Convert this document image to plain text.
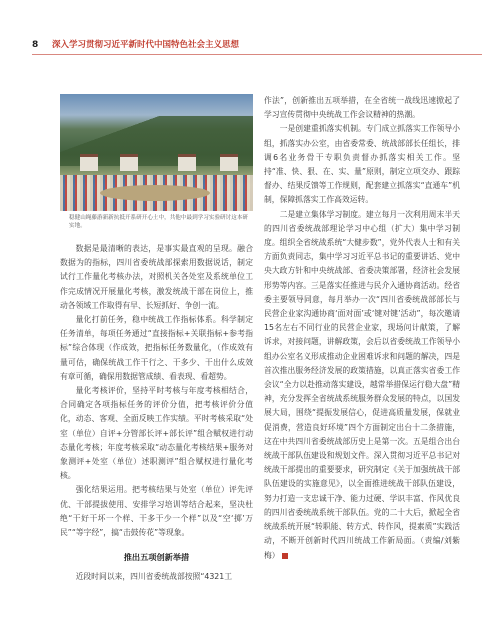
8 深入学习贯彻习近平新时代中国特色社会主义思想
稳健山绳藤游新新抗抵开系研开心土中，共他中最到学习实验研讨这本研实地。

数据是最清晰的表达，是事实最直观的呈现。融合数据为的指标，四川省委统战部探索用数据说话，制定试行工作量化考核办法，对照机关各处室及系统单位工作完成情况开展量化考核，激发统战干部在岗位上，推动各领域工作取得有早、长短抓好、争创一流。

量化打前任务，稳中统战工作指标体系。科学制定任务清单，每项任务通过“直接指标+关联指标+参考指标”综合体现（作成效，把指标任务数量化，（作成效有量可估，确保统战工作干行之、干多少、干出什么成效有章可循，确保用数据管成绩、看表现、看超势。

量化考核评价，坚持平时考核与年度考核相结合，合同确定各项指标任务的评价分值，把考核评价分值化，动态、客观、全面反映工作实绩。平时考核采取“处室（单位）自评+分管部长评+部长评”组合赋权进行动态量化考核；年度考核采取“动态量化考核结果+服务对象测评+处室（单位）述职测评”组合赋权进行量化考核。

强化结果运用。把考核结果与处室（单位）评先评优、干部提拔使用、安排学习培训等结合起来，坚决杜绝“干好干坏一个样、干多干少一个样”以及“空‘掷’万民”“等字经”，搞“击鼓传花”等现象。

推出五项创新举措

近段时间以来，四川省委统战部按照“4321工

作法”，创新推出五项举措，在全省统一战线迅速掀起了学习宣传贯彻中央统战工作会议精神的热潮。

一是创建重抓落实机制。专门成立抓落实工作领导小组，抓落实办公室，由省委常委、统战部部长任组长，排调6名业务骨干专职负责督办抓落实相关工作。坚持“准、快、狠、在、实、量”原则，制定立项交办、跟踪督办、结果反馈等工作规则，配套建立抓落实“直通车”机制，保障抓落实工作高效运转。

二是建立集体学习制度。建立每月一次利用周末半天的四川省委统战部理论学习中心组（扩大）集中学习制度。组织全省统战系统“大健步数”，党外代表人士和有关方面负责同志，集中学习习近平总书记的重要讲话、党中央大政方针和中央统战部、省委决策部署，经济社会发展形势等内容。三是落实任推进与民介入通协商活动。经省委主要领导同意，每月举办一次“四川省委统战部部长与民营企业家沟通协商‘面对面’或‘键对键’活动”，每次邀请15名左右不同行业的民营企业家，现场问计献策，了解诉求，对接问题，讲解政策，会后以省委统战工作领导小组办公室名义形成推动企业困难诉求和问题的解决，四是首次推出服务经济发展的政策措施，以真正落实省委工作会议“全力以赴推动落实建设，越常举措保运行稳大盘”精神，充分发挥全省统战系统服务群众发展的特点，以国发展大局，围绕“提振发展信心，促进高质量发展，保就业促消费，营造良好环境”四个方面制定出台十二条措施，这在中共四川省委统战部历史上是第一次。五是组合出台统战干部队伍建设和规划文件。深入贯彻习近平总书记对统战干部提出的重要要求，研究制定《关于加强统战干部队伍建设的实施意见》，以全面推进统战干部队伍建设，努力打造一支忠诚干净、能力过硬、学识丰富、作风优良的四川省委统战系统干部队伍。党的二十大后，掀起全省统战系统开展“转职能、转方式、转作风，提素质”实践活动，不断开创新时代四川统战工作新局面。（责编/刘紫梅）
